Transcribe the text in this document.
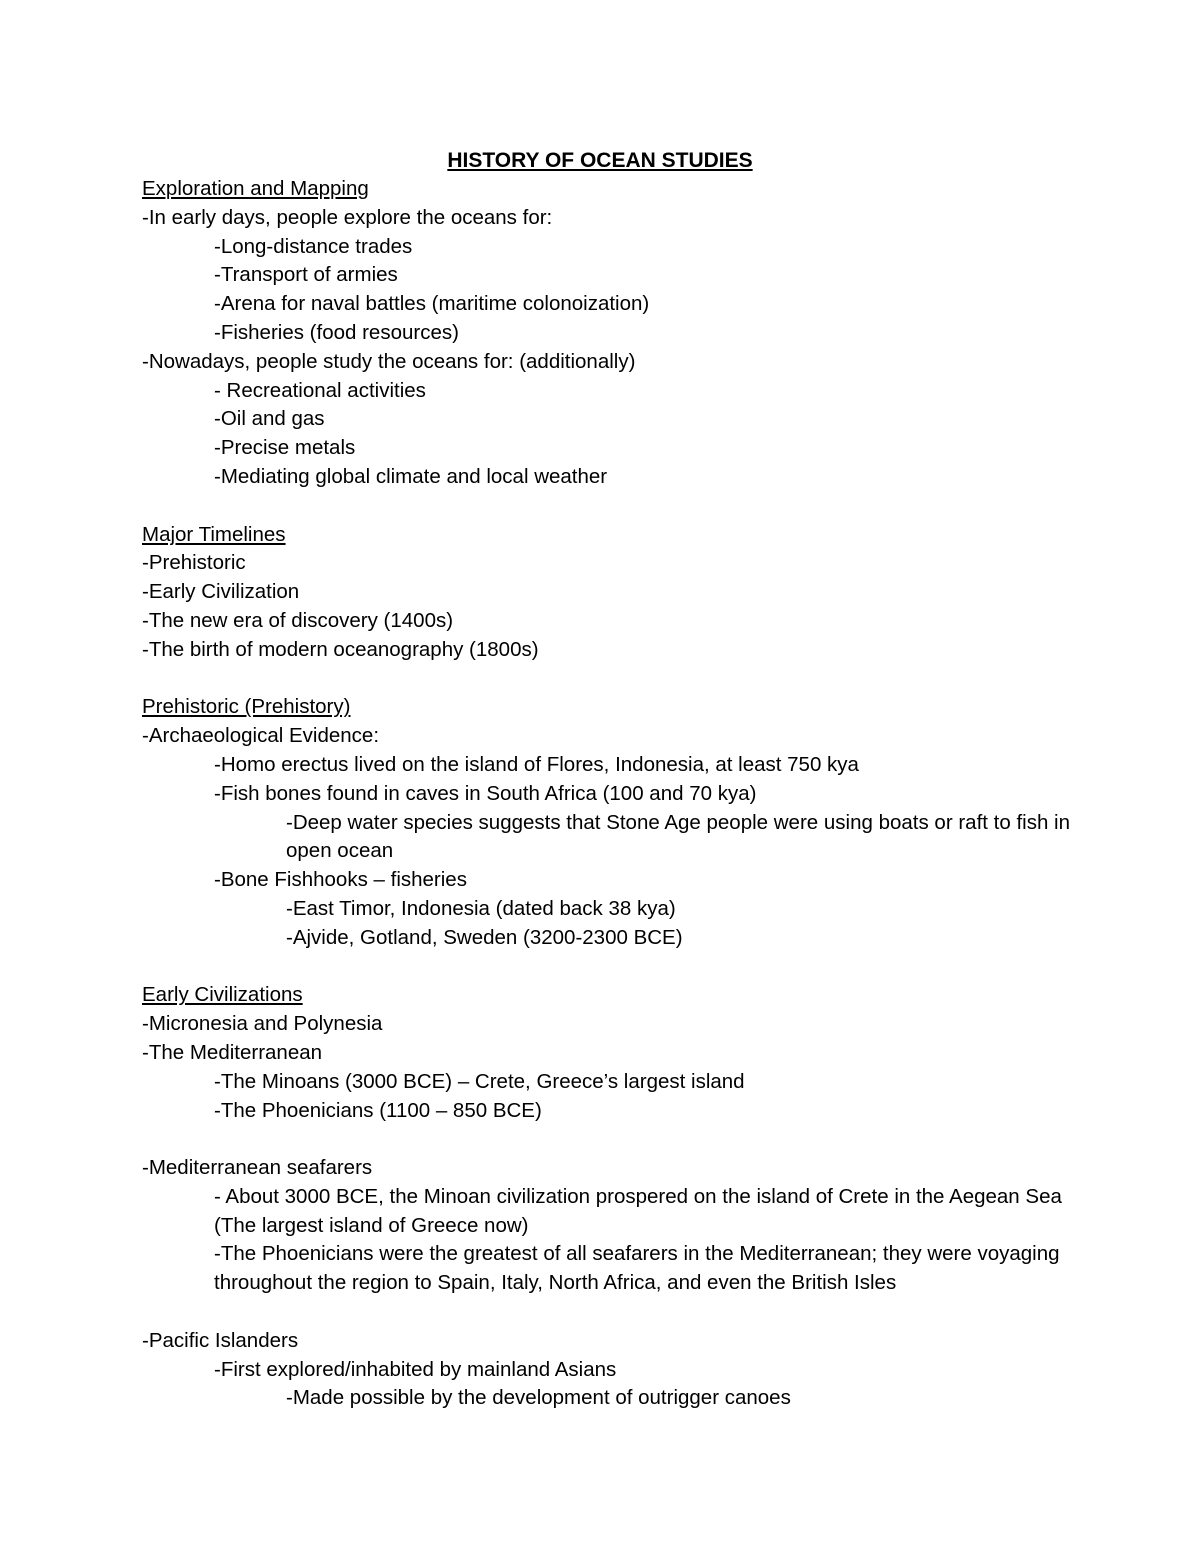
HISTORY OF OCEAN STUDIES

Exploration and Mapping

-In early days, people explore the oceans for:

-Long-distance trades

-Transport of armies

-Arena for naval battles (maritime colonoization)

-Fisheries (food resources)

-Nowadays, people study the oceans for: (additionally)

- Recreational activities

-Oil and gas

-Precise metals

-Mediating global climate and local weather

Major Timelines

-Prehistoric

-Early Civilization

-The new era of discovery (1400s)

-The birth of modern oceanography (1800s)

Prehistoric (Prehistory)

-Archaeological Evidence:

-Homo erectus lived on the island of Flores, Indonesia, at least 750 kya

-Fish bones found in caves in South Africa (100 and 70 kya)

-Deep water species suggests that Stone Age people were using boats or raft to fish in open ocean

-Bone Fishhooks – fisheries

-East Timor, Indonesia (dated back 38 kya)

-Ajvide, Gotland, Sweden (3200-2300 BCE)

Early Civilizations

-Micronesia and Polynesia

-The Mediterranean

-The Minoans (3000 BCE) – Crete, Greece’s largest island

-The Phoenicians (1100 – 850 BCE)

-Mediterranean seafarers

- About 3000 BCE, the Minoan civilization prospered on the island of Crete in the Aegean Sea (The largest island of Greece now)

-The Phoenicians were the greatest of all seafarers in the Mediterranean; they were voyaging throughout the region to Spain, Italy, North Africa, and even the British Isles

-Pacific Islanders

-First explored/inhabited by mainland Asians

-Made possible by the development of outrigger canoes
